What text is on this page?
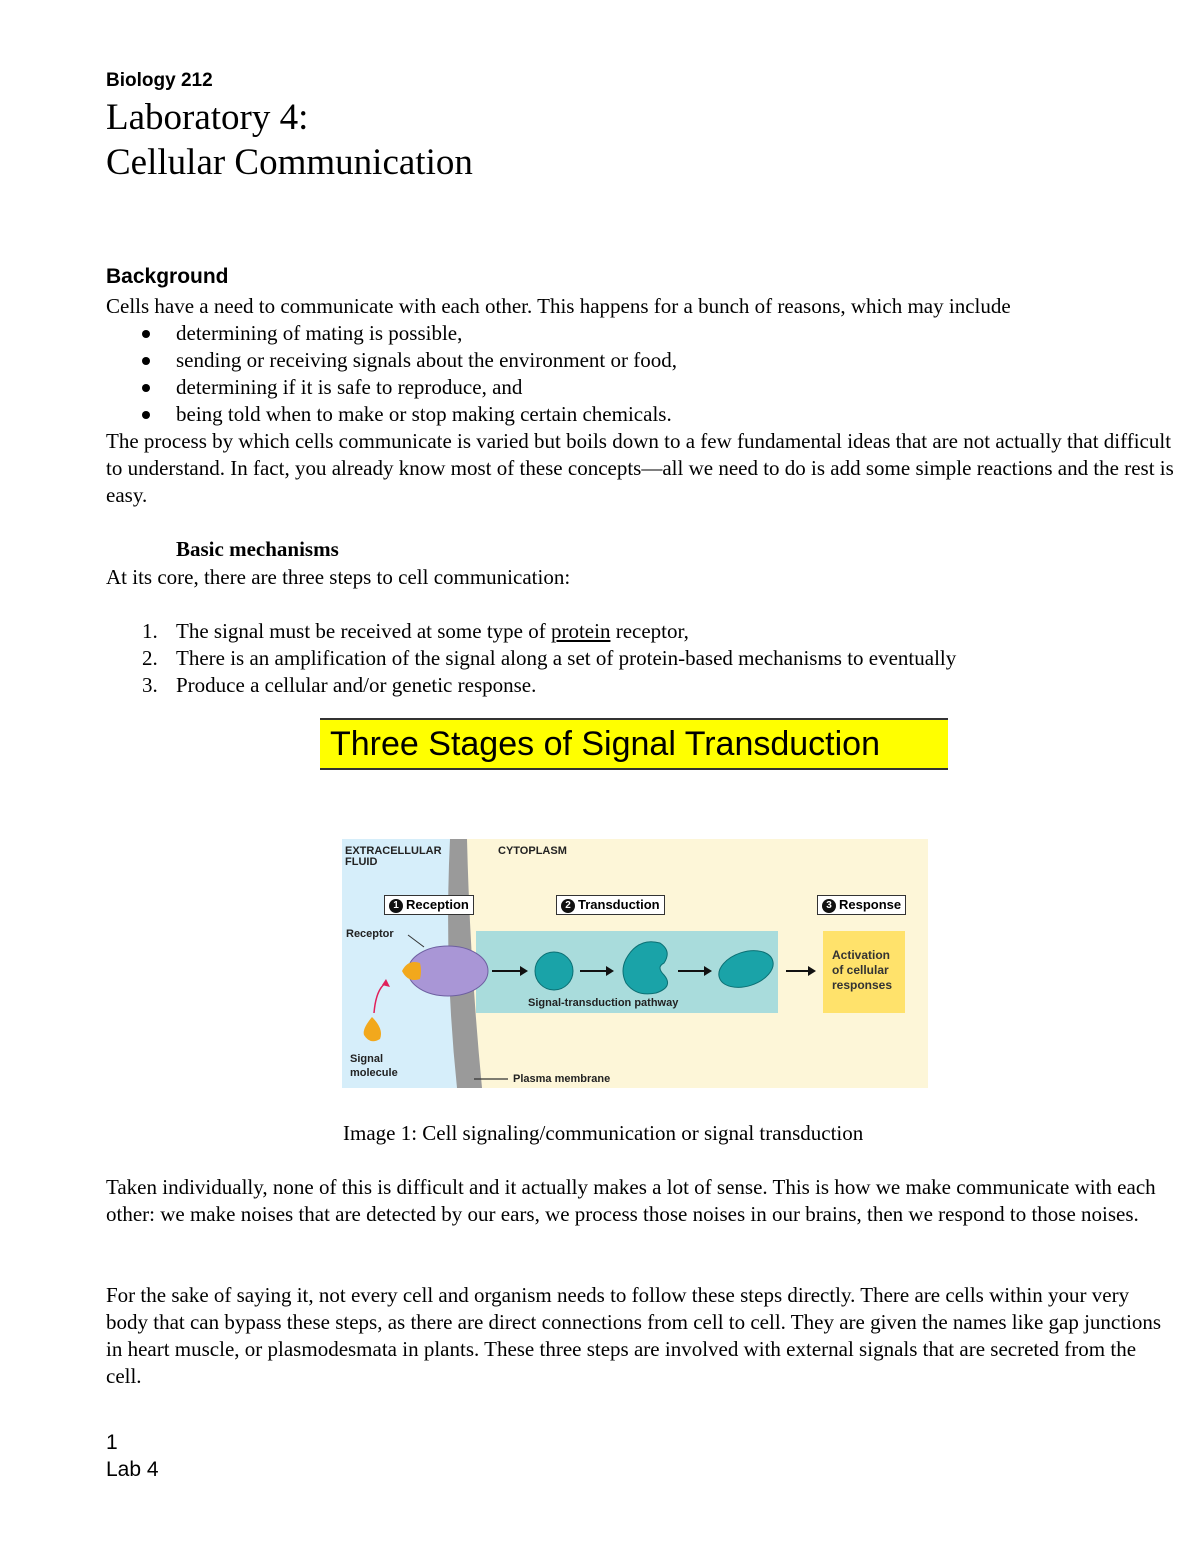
Biology 212
Laboratory 4:
Cellular Communication
Background
Cells have a need to communicate with each other. This happens for a bunch of reasons, which may include
determining of mating is possible,
sending or receiving signals about the environment or food,
determining if it is safe to reproduce, and
being told when to make or stop making certain chemicals.
The process by which cells communicate is varied but boils down to a few fundamental ideas that are not actually that difficult to understand. In fact, you already know most of these concepts—all we need to do is add some simple reactions and the rest is easy.
Basic mechanisms
At its core, there are three steps to cell communication:
1. The signal must be received at some type of protein receptor,
2. There is an amplification of the signal along a set of protein-based mechanisms to eventually
3. Produce a cellular and/or genetic response.
Three Stages of Signal Transduction
EXTRACELLULAR
FLUID
CYTOPLASM
1 Reception	2 Transduction	3 Response
Receptor
Signal-transduction pathway
Activation
of cellular
responses
Signal
molecule	Plasma membrane
Image 1: Cell signaling/communication or signal transduction
Taken individually, none of this is difficult and it actually makes a lot of sense. This is how we make communicate with each other: we make noises that are detected by our ears, we process those noises in our brains, then we respond to those noises.
For the sake of saying it, not every cell and organism needs to follow these steps directly. There are cells within your very body that can bypass these steps, as there are direct connections from cell to cell. They are given the names like gap junctions in heart muscle, or plasmodesmata in plants. These three steps are involved with external signals that are secreted from the cell.
1
Lab 4
